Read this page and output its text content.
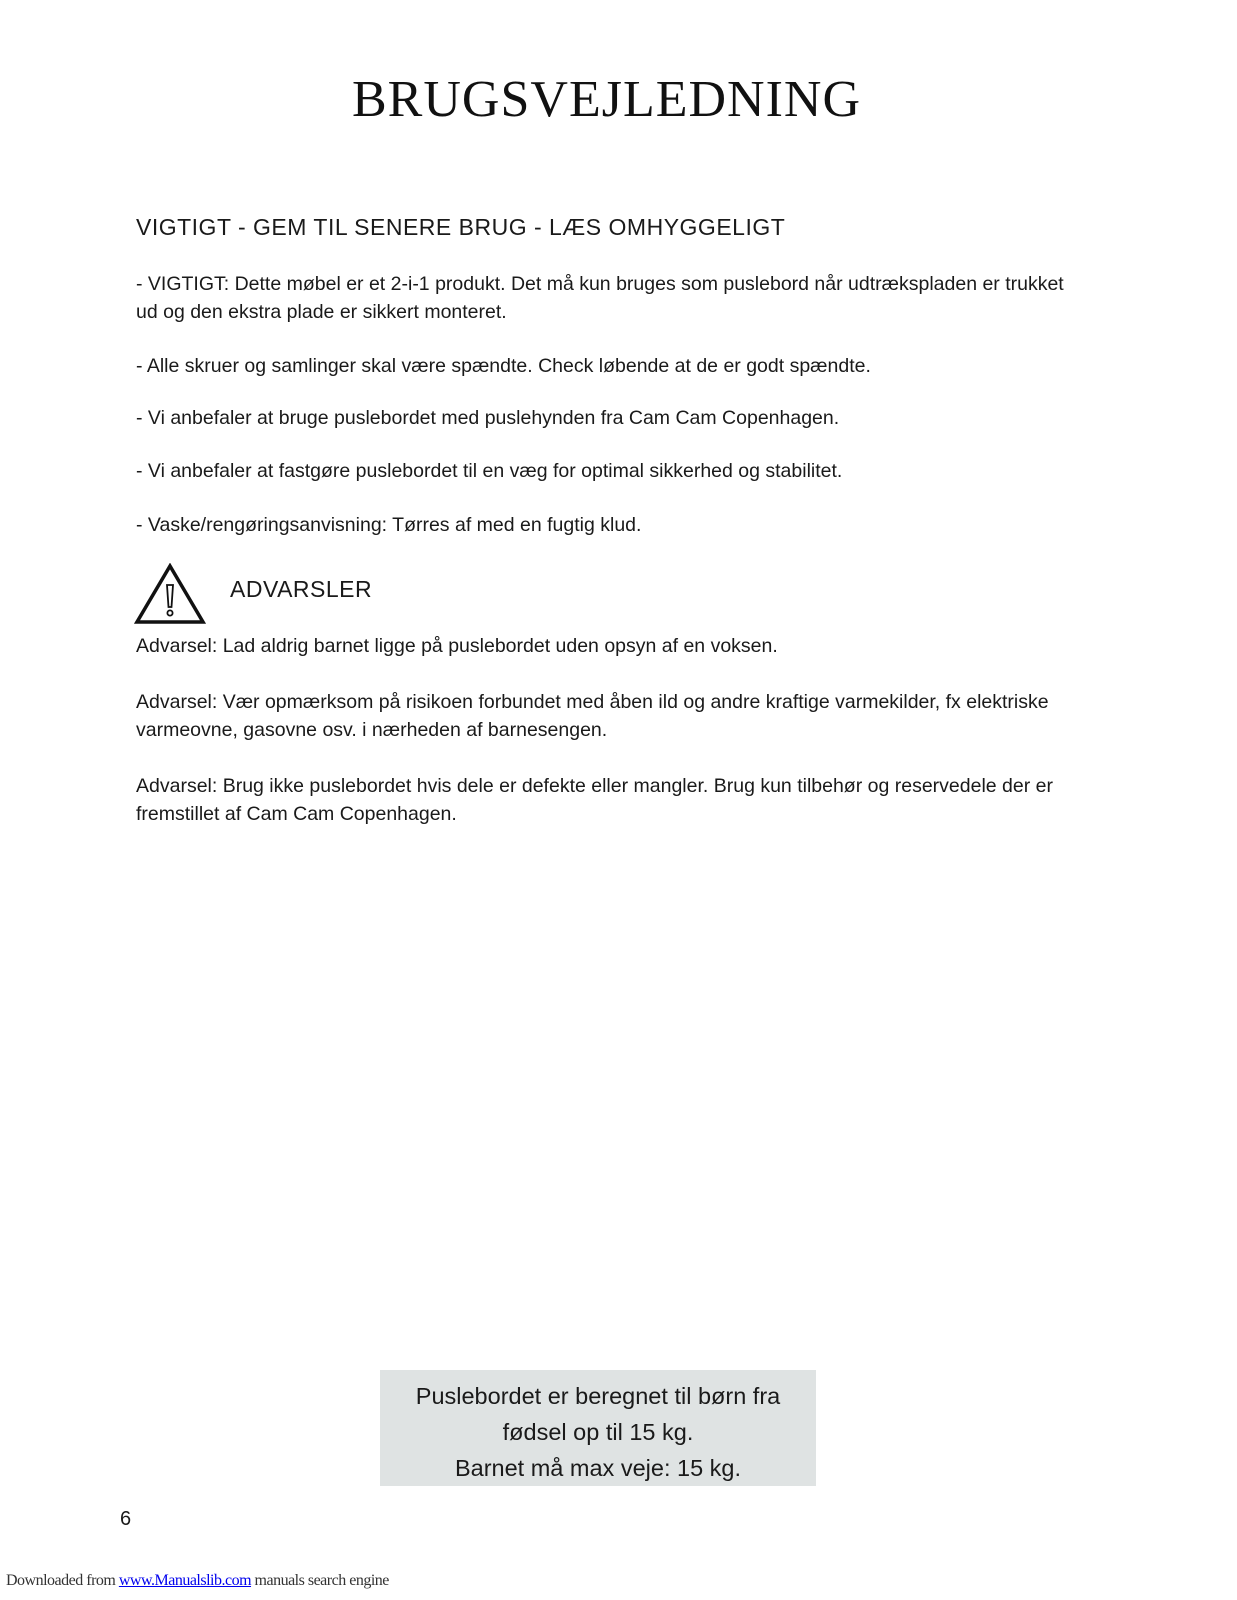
BRUGSVEJLEDNING
VIGTIGT - GEM TIL SENERE BRUG - LÆS OMHYGGELIGT

- VIGTIGT: Dette møbel er et 2-i-1 produkt. Det må kun bruges som puslebord når udtrækspladen er trukket ud og den ekstra plade er sikkert monteret.

- Alle skruer og samlinger skal være spændte. Check løbende at de er godt spændte.

- Vi anbefaler at bruge puslebordet med puslehynden fra Cam Cam Copenhagen.

- Vi anbefaler at fastgøre puslebordet til en væg for optimal sikkerhed og stabilitet.

- Vaske/rengøringsanvisning: Tørres af med en fugtig klud.

ADVARSLER

Advarsel: Lad aldrig barnet ligge på puslebordet uden opsyn af en voksen.

Advarsel: Vær opmærksom på risikoen forbundet med åben ild og andre kraftige varmekilder, fx elektriske varmeovne, gasovne osv. i nærheden af barnesengen.

Advarsel: Brug ikke puslebordet hvis dele er defekte eller mangler. Brug kun tilbehør og reservedele der er fremstillet af Cam Cam Copenhagen.

Puslebordet er beregnet til børn fra
fødsel op til 15 kg.
Barnet må max veje: 15 kg.
6
Downloaded from www.Manualslib.com manuals search engine
